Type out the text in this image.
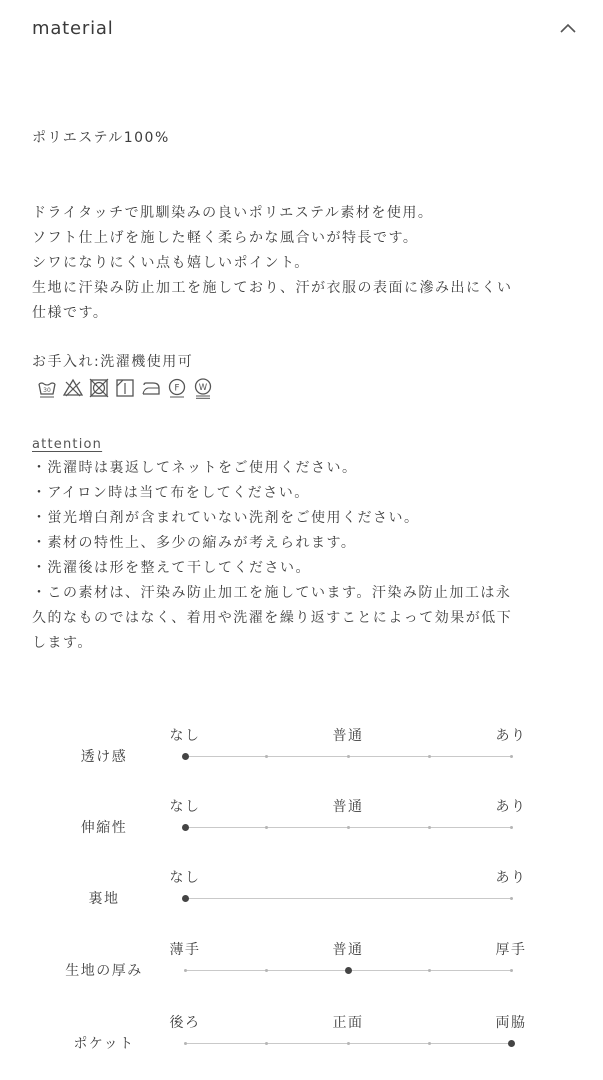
material
ポリエステル100%
ドライタッチで肌馴染みの良いポリエステル素材を使用。
ソフト仕上げを施した軽く柔らかな風合いが特長です。
シワになりにくい点も嬉しいポイント。
生地に汗染み防止加工を施しており、汗が衣服の表面に滲み出にくい
仕様です。
お手入れ:洗濯機使用可
30	F W
attention
・洗濯時は裏返してネットをご使用ください。
・アイロン時は当て布をしてください。
・蛍光増白剤が含まれていない洗剤をご使用ください。
・素材の特性上、多少の縮みが考えられます。
・洗濯後は形を整えて干してください。
・この素材は、汗染み防止加工を施しています。汗染み防止加工は永
久的なものではなく、着用や洗濯を繰り返すことによって効果が低下
します。
透け感
なし	普通	あり
伸縮性
なし	普通	あり
裏地
なし	あり
生地の厚み
薄手	普通	厚手
ポケット
後ろ	正面	両脇
